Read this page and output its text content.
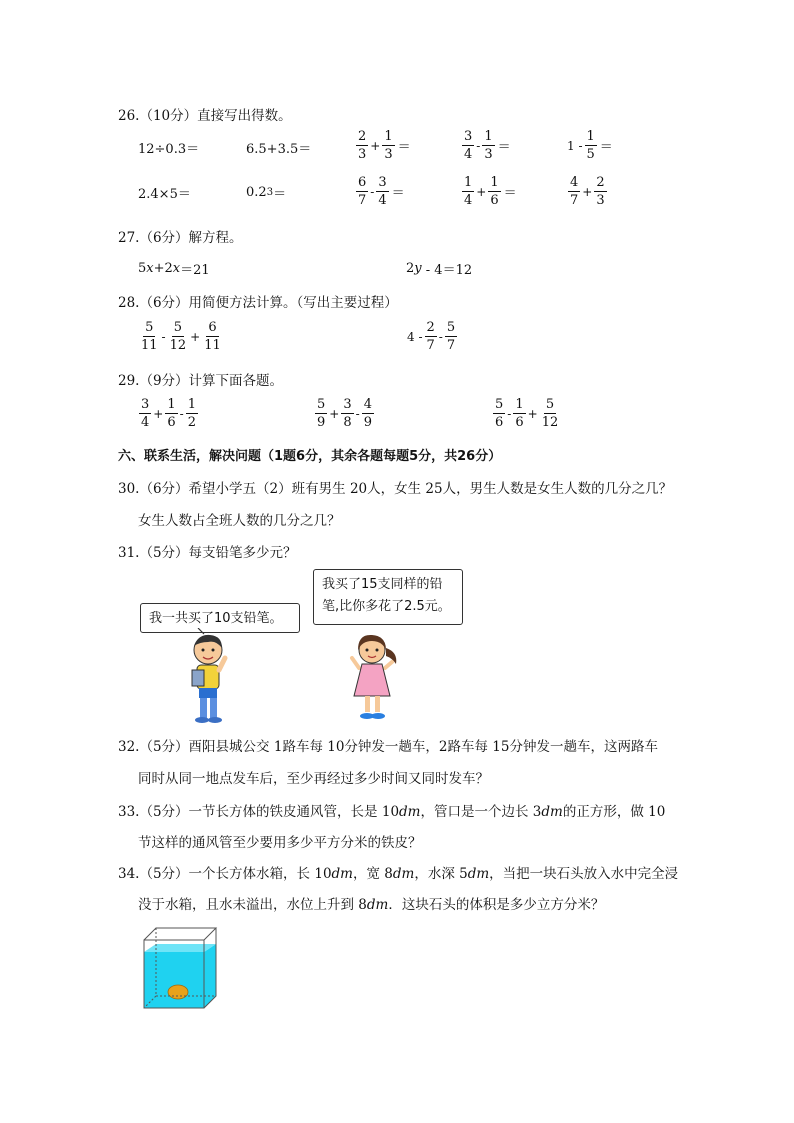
26.（10分）直接写出得数。
12÷0.3＝	6.5+3.5＝	$\frac{2}{3} + \frac{1}{3}$ ＝	$\frac{3}{4} - \frac{1}{3}$ ＝	$1 - \frac{1}{5}$ ＝
2.4×5＝	0.2 3 ＝	$\frac{6}{7} - \frac{3}{4}$ ＝	$\frac{1}{4} + \frac{1}{6}$ ＝	$\frac{4}{7} + \frac{2}{3}$
27.（6分）解方程。
5 x +2 x ＝21	2 y - 4＝12
28.（6分）用简便方法计算。（写出主要过程）
$\frac{5}{11} - \frac{5}{12} + \frac{6}{11}$	$4 - \frac{2}{7} - \frac{5}{7}$
29.（9分）计算下面各题。
$\frac{3}{4} + \frac{1}{6} - \frac{1}{2}$	$\frac{5}{9} + \frac{3}{8} - \frac{4}{9}$	$\frac{5}{6} - \frac{1}{6} + \frac{5}{12}$
六、联系生活，解决问题（1题6分，其余各题每题5分，共26分）
30.（6分）希望小学五（2）班有男生 20人，女生 25人，男生人数是女生人数的几分之几？
女生人数占全班人数的几分之几？
31.（5分）每支铅笔多少元？
我一共买了10支铅笔。
我买了15支同样的铅
笔,比你多花了2.5元。
32.（5分）酉阳县城公交 1路车每 10分钟发一趟车，2路车每 15分钟发一趟车，这两路车
同时从同一地点发车后，至少再经过多少时间又同时发车？
33.（5分）一节长方体的铁皮通风管，长是 10dm，管口是一个边长 3dm的正方形，做 10
节这样的通风管至少要用多少平方分米的铁皮？
34.（5分）一个长方体水箱，长 10dm，宽 8dm，水深 5dm，当把一块石头放入水中完全浸
没于水箱，且水未溢出，水位上升到 8dm．这块石头的体积是多少立方分米？
